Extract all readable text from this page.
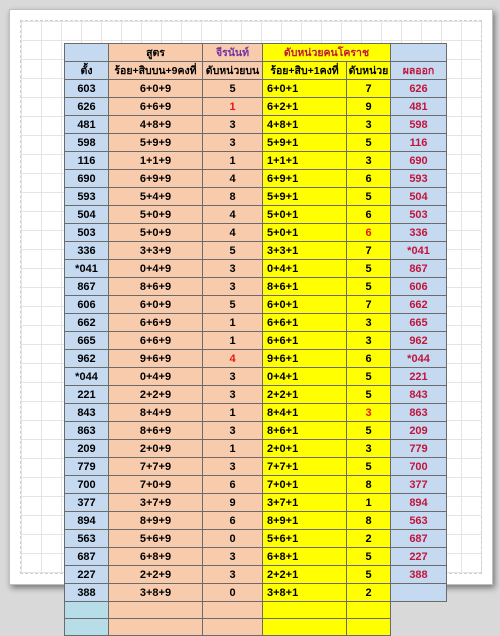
	สูตร	จีรนันท์	ดับหน่วยคนโคราช		
ตั้ง	ร้อย+สิบบน+9คงที่	ดับหน่วยบน	ร้อย+สิบ+1คงที่	ดับหน่วย	ผลออก
603	6+0+9	5	6+0+1	7	626
626	6+6+9	1	6+2+1	9	481
481	4+8+9	3	4+8+1	3	598
598	5+9+9	3	5+9+1	5	116
116	1+1+9	1	1+1+1	3	690
690	6+9+9	4	6+9+1	6	593
593	5+4+9	8	5+9+1	5	504
504	5+0+9	4	5+0+1	6	503
503	5+0+9	4	5+0+1	6	336
336	3+3+9	5	3+3+1	7	*041
*041	0+4+9	3	0+4+1	5	867
867	8+6+9	3	8+6+1	5	606
606	6+0+9	5	6+0+1	7	662
662	6+6+9	1	6+6+1	3	665
665	6+6+9	1	6+6+1	3	962
962	9+6+9	4	9+6+1	6	*044
*044	0+4+9	3	0+4+1	5	221
221	2+2+9	3	2+2+1	5	843
843	8+4+9	1	8+4+1	3	863
863	8+6+9	3	8+6+1	5	209
209	2+0+9	1	2+0+1	3	779
779	7+7+9	3	7+7+1	5	700
700	7+0+9	6	7+0+1	8	377
377	3+7+9	9	3+7+1	1	894
894	8+9+9	6	8+9+1	8	563
563	5+6+9	0	5+6+1	2	687
687	6+8+9	3	6+8+1	5	227
227	2+2+9	3	2+2+1	5	388
388	3+8+9	0	3+8+1	2	
